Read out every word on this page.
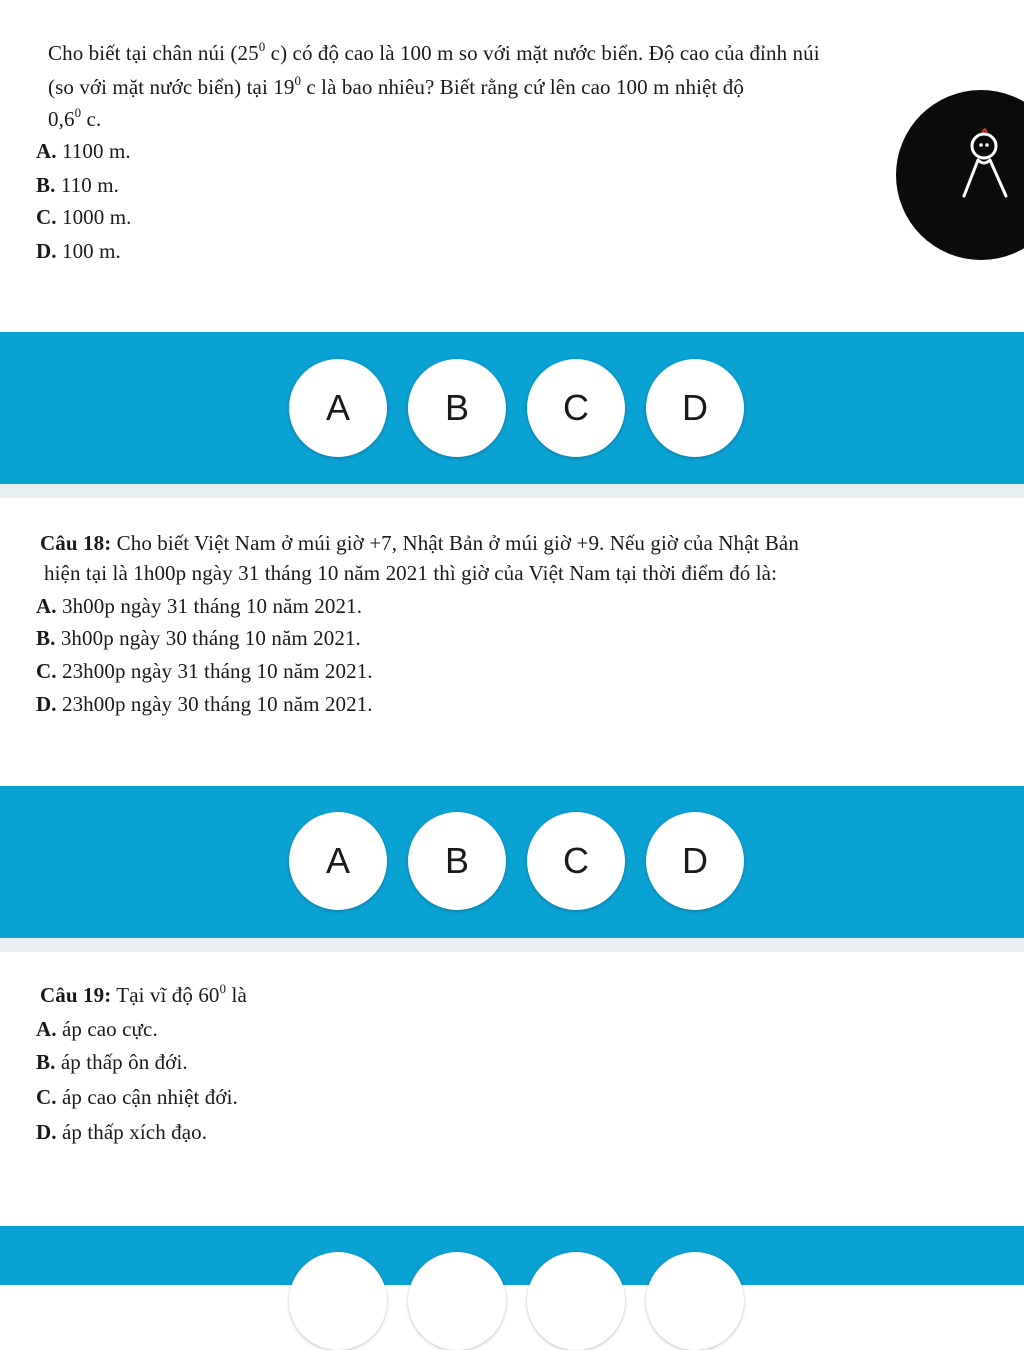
Cho biết tại chân núi ($25^0$ c) có độ cao là 100 m so với mặt nước biển. Độ cao của đỉnh núi
(so với mặt nước biển) tại $19^0$ c là bao nhiêu? Biết rằng cứ lên cao 100 m nhiệt độ
$0,6^0$ c.
A. 1100 m.
B. 110 m.
C. 1000 m.
D. 100 m.
A	B	C	D
Câu 18: Cho biết Việt Nam ở múi giờ +7, Nhật Bản ở múi giờ +9. Nếu giờ của Nhật Bản
hiện tại là 1h00p ngày 31 tháng 10 năm 2021 thì giờ của Việt Nam tại thời điểm đó là:
A. 3h00p ngày 31 tháng 10 năm 2021.
B. 3h00p ngày 30 tháng 10 năm 2021.
C. 23h00p ngày 31 tháng 10 năm 2021.
D. 23h00p ngày 30 tháng 10 năm 2021.
A	B	C	D
Câu 19: Tại vĩ độ $60^0$ là
A. áp cao cực.
B. áp thấp ôn đới.
C. áp cao cận nhiệt đới.
D. áp thấp xích đạo.
